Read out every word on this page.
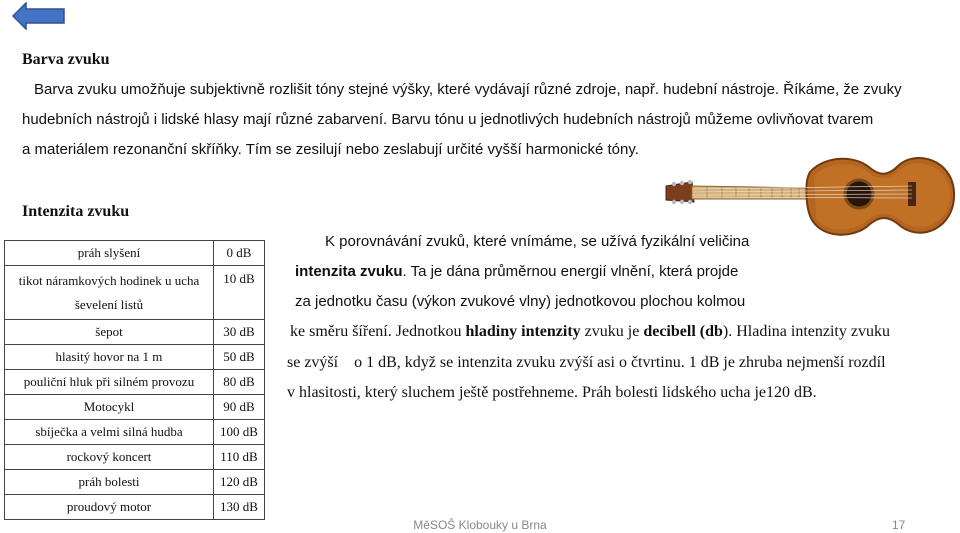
Barva zvuku
Barva zvuku umožňuje subjektivně rozlišit tóny stejné výšky, které vydávají různé zdroje, např. hudební nástroje. Říkáme, že zvuky
hudebních nástrojů i lidské hlasy mají různé zabarvení. Barvu tónu u jednotlivých hudebních nástrojů můžeme ovlivňovat tvarem
a materiálem rezonanční skříňky. Tím se zesilují nebo zeslabují určité vyšší harmonické tóny.
Intenzita zvuku
práh slyšení	0 dB

tikot náramkových hodinek u ucha
ševelení listů	10 dB
šepot	30 dB
hlasitý hovor na 1 m	50 dB
pouliční hluk při silném provozu	80 dB
Motocykl	90 dB
sbíječka a velmi silná hudba	100 dB
rockový koncert	110 dB
práh bolesti	120 dB
proudový motor	130 dB
K porovnávání zvuků, které vnímáme, se užívá fyzikální veličina
intenzita zvuku. Ta je dána průměrnou energií vlnění, která projde
za jednotku času (výkon zvukové vlny) jednotkovou plochou kolmou
ke směru šíření. Jednotkou hladiny intenzity zvuku je decibell (db). Hladina intenzity zvuku
se zvýší    o 1 dB, když se intenzita zvuku zvýší asi o čtvrtinu. 1 dB je zhruba nejmenší rozdíl
v hlasitosti, který sluchem ještě postřehneme. Práh bolesti lidského ucha je120 dB.
MěSOŠ Klobouky u Brna	17
